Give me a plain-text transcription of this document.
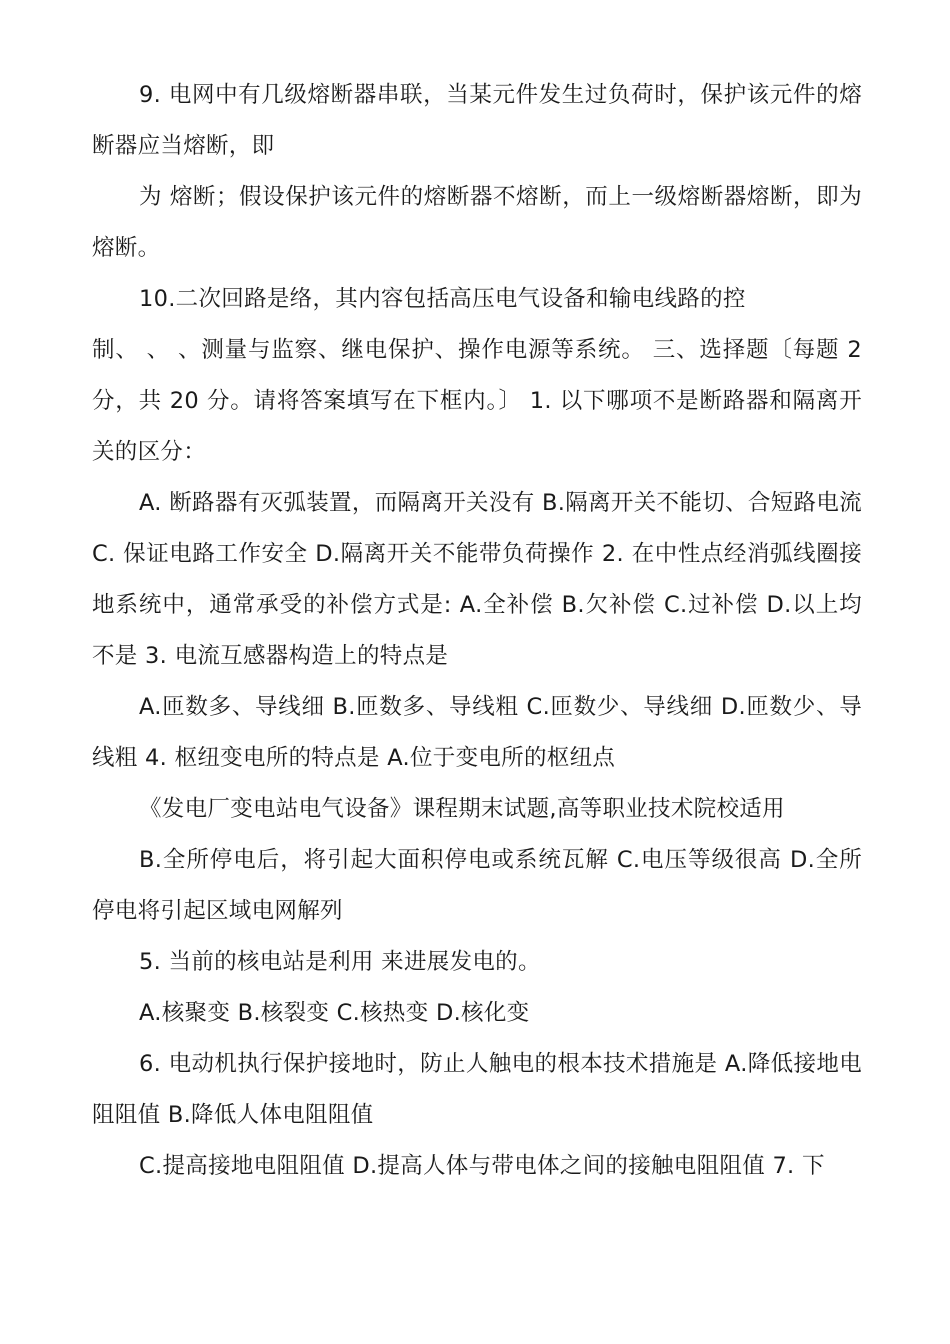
9. 电网中有几级熔断器串联，当某元件发生过负荷时，保护该元件的熔断器应当熔断，即

为 熔断；假设保护该元件的熔断器不熔断，而上一级熔断器熔断，即为 熔断。

10.二次回路是络，其内容包括高压电气设备和输电线路的控

制、 、 、测量与监察、继电保护、操作电源等系统。 三、选择题〔每题 2 分，共 20 分。请将答案填写在下框内。〕 1. 以下哪项不是断路器和隔离开关的区分：

A. 断路器有灭弧装置，而隔离开关没有 B.隔离开关不能切、合短路电流 C. 保证电路工作安全 D.隔离开关不能带负荷操作 2. 在中性点经消弧线圈接地系统中，通常承受的补偿方式是: A.全补偿 B.欠补偿 C.过补偿 D.以上均不是 3. 电流互感器构造上的特点是

A.匝数多、导线细 B.匝数多、导线粗 C.匝数少、导线细 D.匝数少、导线粗 4. 枢纽变电所的特点是 A.位于变电所的枢纽点

《发电厂变电站电气设备》课程期末试题,高等职业技术院校适用

B.全所停电后，将引起大面积停电或系统瓦解 C.电压等级很高 D.全所停电将引起区域电网解列

5. 当前的核电站是利用 来进展发电的。

A.核聚变 B.核裂变 C.核热变 D.核化变

6. 电动机执行保护接地时，防止人触电的根本技术措施是 A.降低接地电阻阻值 B.降低人体电阻阻值

C.提高接地电阻阻值 D.提高人体与带电体之间的接触电阻阻值 7. 下
